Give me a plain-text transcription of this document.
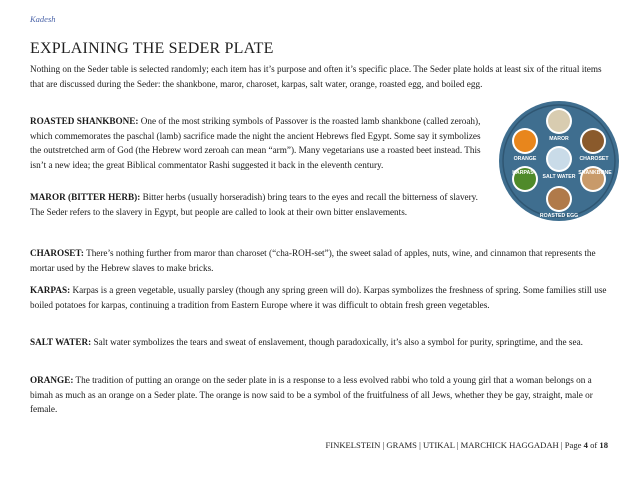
Kadesh
EXPLAINING THE SEDER PLATE

Nothing on the Seder table is selected randomly; each item has it’s purpose and often it’s specific place. The Seder plate holds at least six of the ritual items that are discussed during the Seder: the shankbone, maror, charoset, karpas, salt water, orange, roasted egg, and boiled egg.

ROASTED SHANKBONE: One of the most striking symbols of Passover is the roasted lamb shankbone (called zeroah), which commemorates the paschal (lamb) sacrifice made the night the ancient Hebrews fled Egypt. Some say it symbolizes the outstretched arm of God (the Hebrew word zeroah can mean “arm”). Many vegetarians use a roasted beet instead. This isn’t a new idea; the great Biblical commentator Rashi suggested it back in the eleventh century.

MAROR (BITTER HERB): Bitter herbs (usually horseradish) bring tears to the eyes and recall the bitterness of slavery. The Seder refers to the slavery in Egypt, but people are called to look at their own bitter enslavements.

CHAROSET: There’s nothing further from maror than charoset (“cha-ROH-set”), the sweet salad of apples, nuts, wine, and cinnamon that represents the mortar used by the Hebrew slaves to make bricks.

KARPAS: Karpas is a green vegetable, usually parsley (though any spring green will do). Karpas symbolizes the freshness of spring. Some families still use boiled potatoes for karpas, continuing a tradition from Eastern Europe where it was difficult to obtain fresh green vegetables.

SALT WATER: Salt water symbolizes the tears and sweat of enslavement, though paradoxically, it’s also a symbol for purity, springtime, and the sea.

ORANGE: The tradition of putting an orange on the seder plate in is a response to a less evolved rabbi who told a young girl that a woman belongs on a bimah as much as an orange on a Seder plate. The orange is now said to be a symbol of the fruitfulness of all Jews, whether they be gay, straight, male or female.

MAROR
ORANGE	CHAROSET
SALT WATER
KARPAS	SHANKBONE
ROASTED EGG
FINKELSTEIN | GRAMS | UTIKAL | MARCHICK HAGGADAH | Page 4 of 18
